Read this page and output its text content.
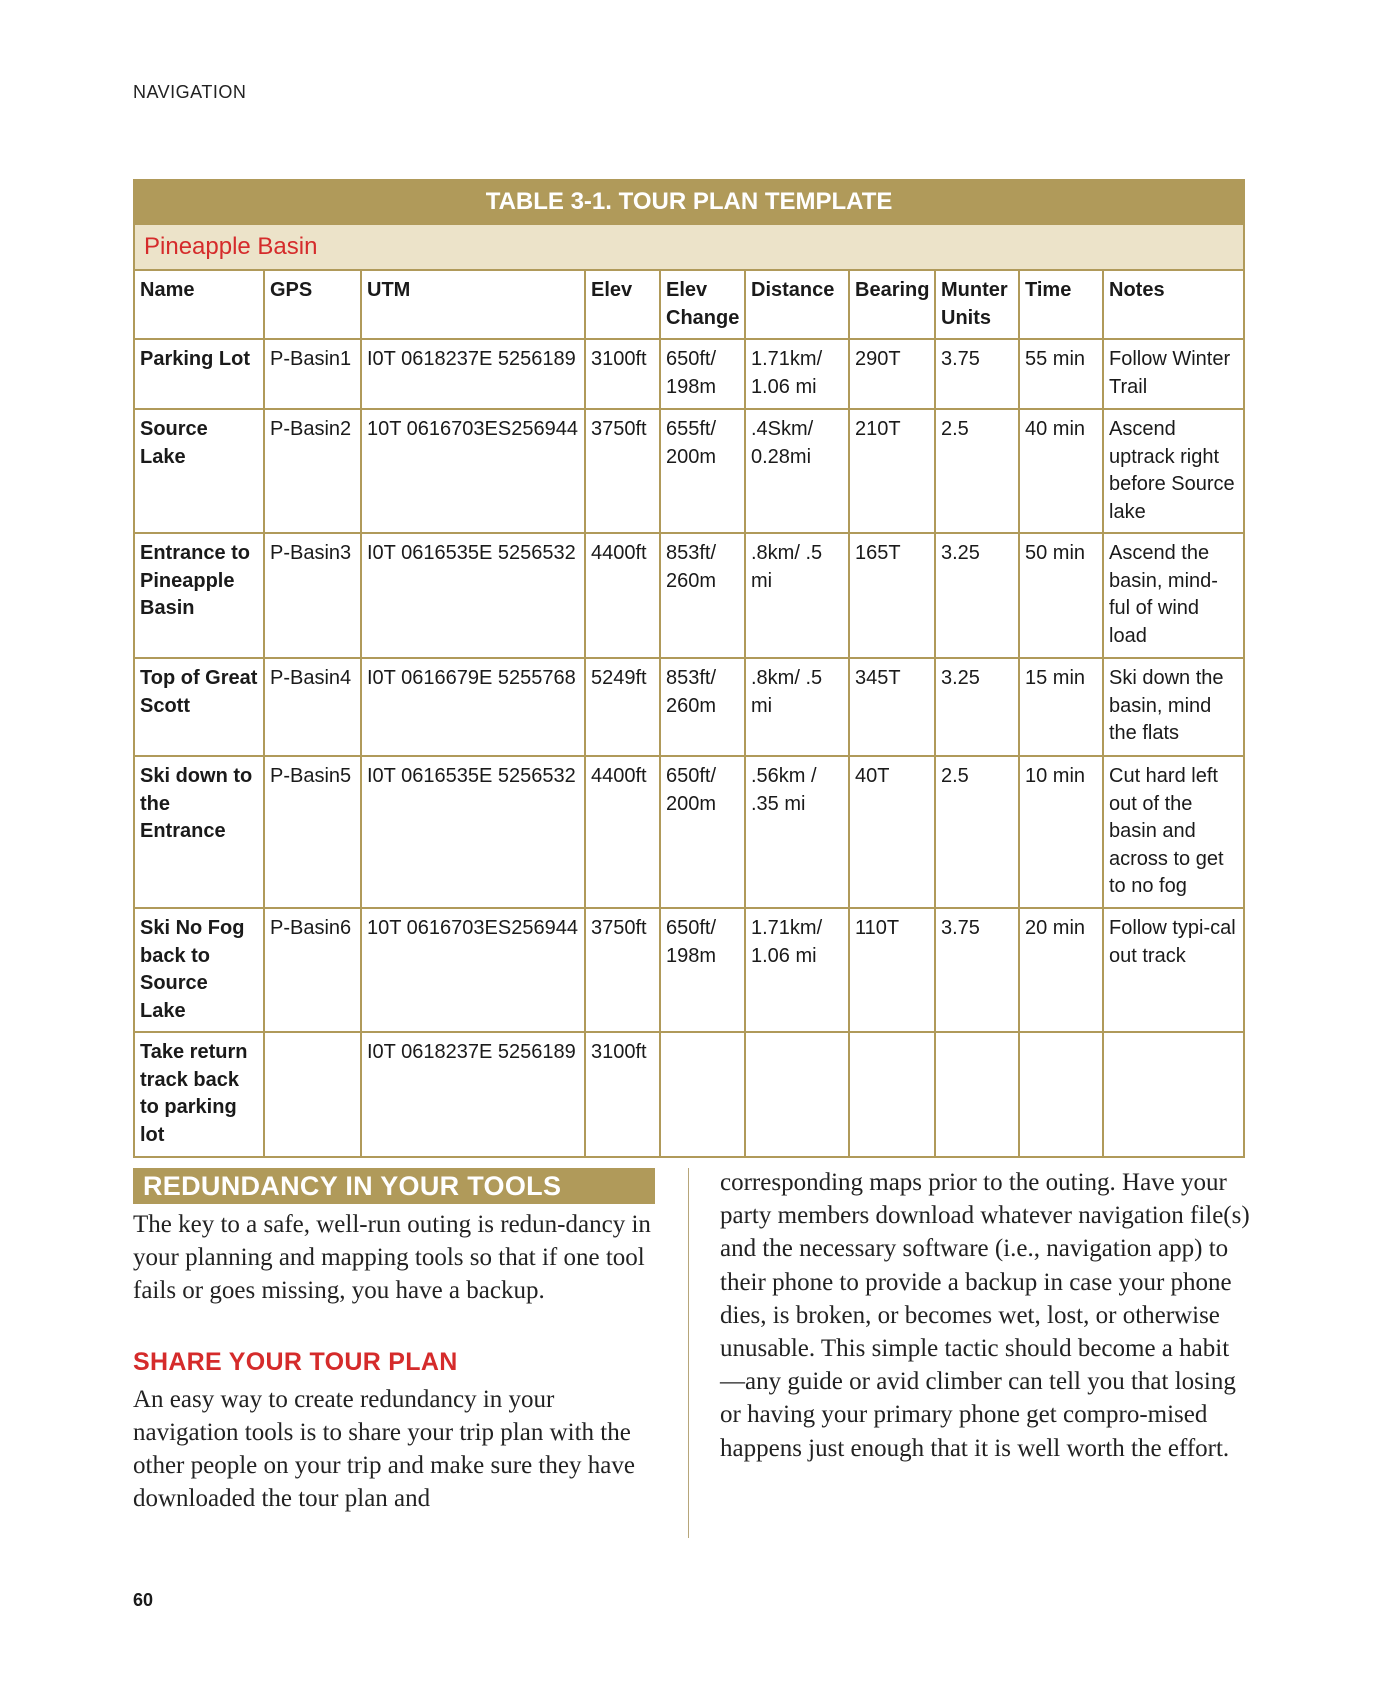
NAVIGATION
TABLE 3-1. TOUR PLAN TEMPLATE									
Pineapple Basin									
Name	GPS	UTM	Elev	Elev Change	Distance	Bearing	Munter Units	Time	Notes
Parking Lot	P-Basin1	I0T 0618237E 5256189	3100ft	650ft/ 198m	1.71km/ 1.06 mi	290T	3.75	55 min	Follow Winter Trail
Source Lake	P-Basin2	10T 0616703ES256944	3750ft	655ft/ 200m	.4Skm/ 0.28mi	210T	2.5	40 min	Ascend uptrack right before Source lake
Entrance to Pineapple Basin	P-Basin3	I0T 0616535E 5256532	4400ft	853ft/ 260m	.8km/ .5 mi	165T	3.25	50 min	Ascend the basin, mind-ful of wind load
Top of Great Scott	P-Basin4	I0T 0616679E 5255768	5249ft	853ft/ 260m	.8km/ .5 mi	345T	3.25	15 min	Ski down the basin, mind the flats
Ski down to the Entrance	P-Basin5	I0T 0616535E 5256532	4400ft	650ft/ 200m	.56km / .35 mi	40T	2.5	10 min	Cut hard left out of the basin and across to get to no fog
Ski No Fog back to Source Lake	P-Basin6	10T 0616703ES256944	3750ft	650ft/ 198m	1.71km/ 1.06 mi	110T	3.75	20 min	Follow typi-cal out track
Take return track back to parking lot		I0T 0618237E 5256189	3100ft						
REDUNDANCY IN YOUR TOOLS

The key to a safe, well-run outing is redun-dancy in your planning and mapping tools so that if one tool fails or goes missing, you have a backup.

SHARE YOUR TOUR PLAN

An easy way to create redundancy in your navigation tools is to share your trip plan with the other people on your trip and make sure they have downloaded the tour plan and

corresponding maps prior to the outing. Have your party members download whatever navigation file(s) and the necessary software (i.e., navigation app) to their phone to provide a backup in case your phone dies, is broken, or becomes wet, lost, or otherwise unusable. This simple tactic should become a habit—any guide or avid climber can tell you that losing or having your primary phone get compro-mised happens just enough that it is well worth the effort.

60
